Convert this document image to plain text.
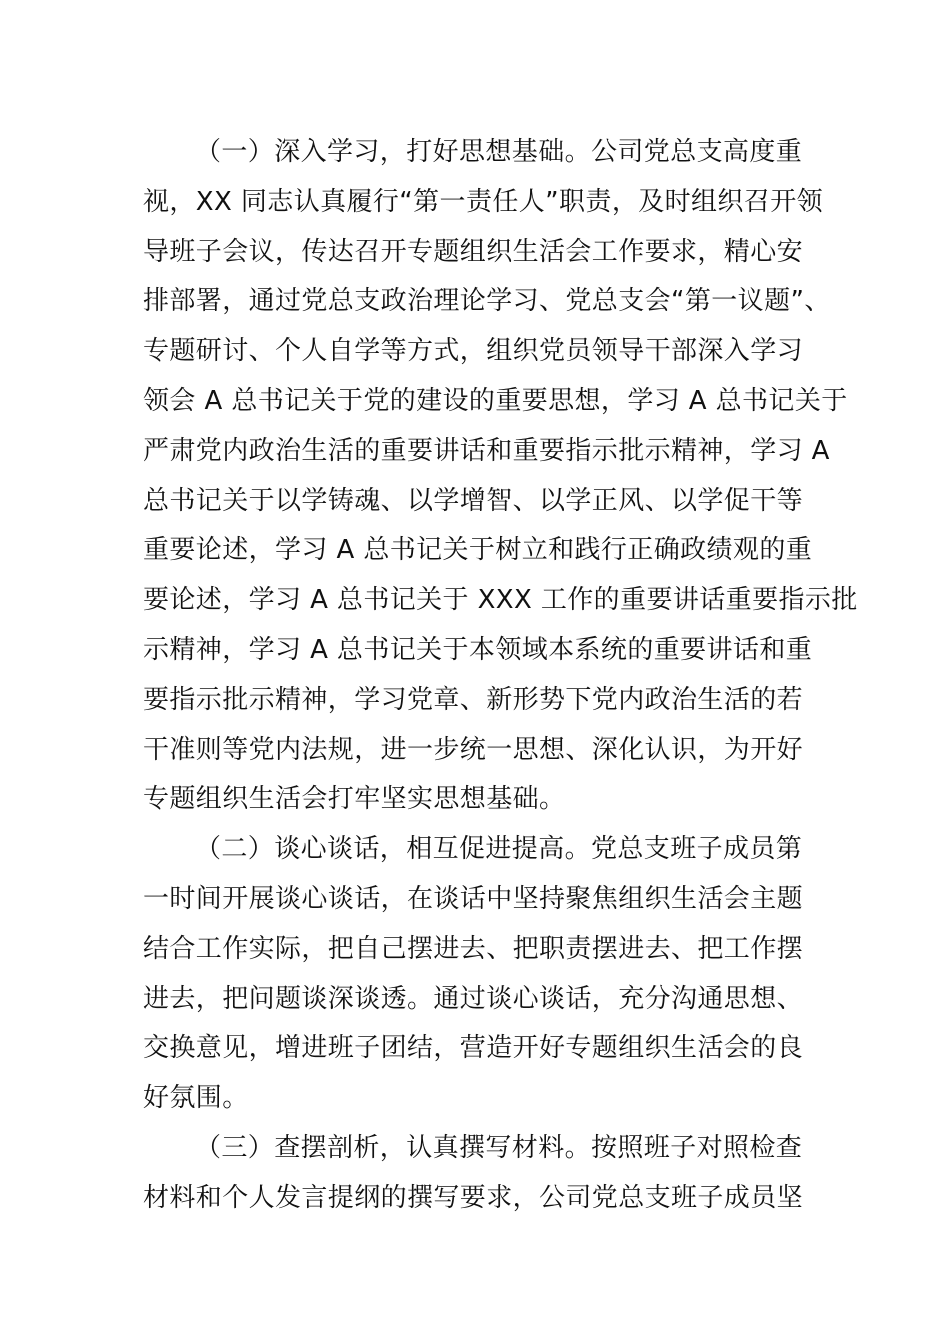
（一）深入学习，打好思想基础。公司党总支高度重
视，XX 同志认真履行“第一责任人”职责，及时组织召开领
导班子会议，传达召开专题组织生活会工作要求，精心安
排部署，通过党总支政治理论学习、党总支会“第一议题”、
专题研讨、个人自学等方式，组织党员领导干部深入学习
领会 A 总书记关于党的建设的重要思想，学习 A 总书记关于
严肃党内政治生活的重要讲话和重要指示批示精神，学习 A
总书记关于以学铸魂、以学增智、以学正风、以学促干等
重要论述，学习 A 总书记关于树立和践行正确政绩观的重
要论述，学习 A 总书记关于 XXX 工作的重要讲话重要指示批
示精神，学习 A 总书记关于本领域本系统的重要讲话和重
要指示批示精神，学习党章、新形势下党内政治生活的若
干准则等党内法规，进一步统一思想、深化认识，为开好
专题组织生活会打牢坚实思想基础。
（二）谈心谈话，相互促进提高。党总支班子成员第
一时间开展谈心谈话，在谈话中坚持聚焦组织生活会主题
结合工作实际，把自己摆进去、把职责摆进去、把工作摆
进去，把问题谈深谈透。通过谈心谈话，充分沟通思想、
交换意见，增进班子团结，营造开好专题组织生活会的良
好氛围。
（三）查摆剖析，认真撰写材料。按照班子对照检查
材料和个人发言提纲的撰写要求，公司党总支班子成员坚
